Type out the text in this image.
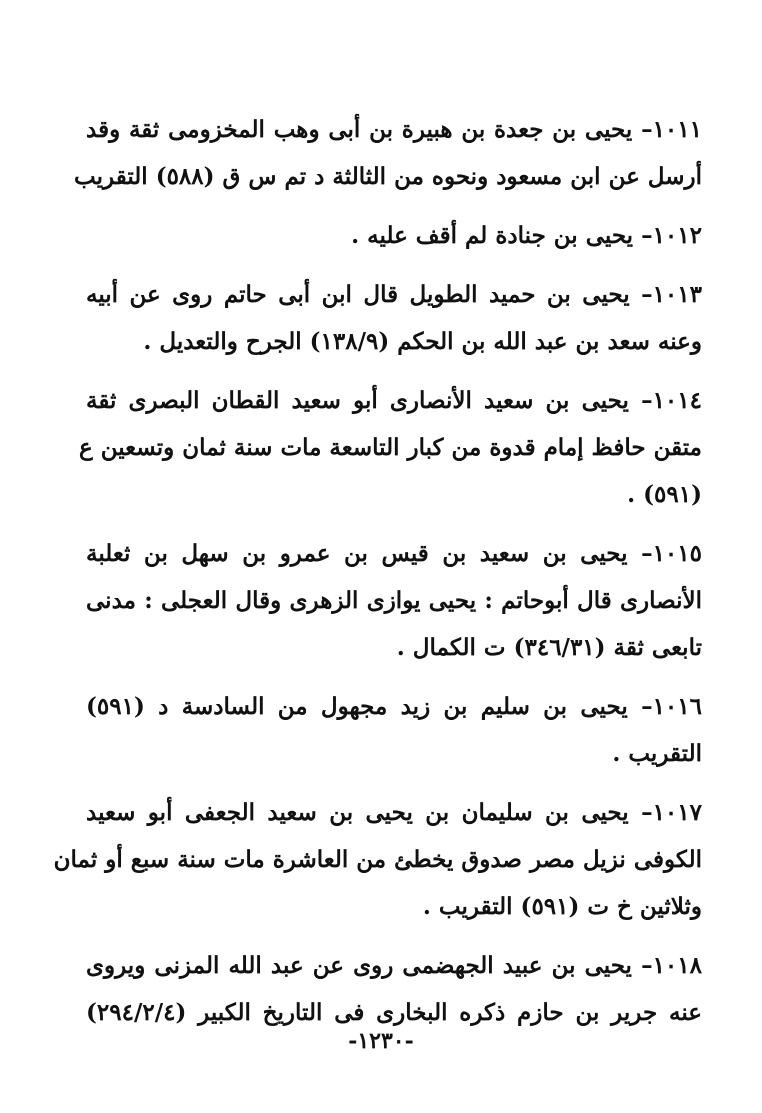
١٠١١– يحيى بن جعدة بن هبيرة بن أبى وهب المخزومى ثقة وقد
أرسل عن ابن مسعود ونحوه من الثالثة د تم س ق (٥٨٨) التقريب
١٠١٢– يحيى بن جنادة لم أقف عليه .
١٠١٣– يحيى بن حميد الطويل قال ابن أبى حاتم روى عن أبيه
وعنه سعد بن عبد الله بن الحكم (١٣٨/٩) الجرح والتعديل .
١٠١٤– يحيى بن سعيد الأنصارى أبو سعيد القطان البصرى ثقة
متقن حافظ إمام قدوة من كبار التاسعة مات سنة ثمان وتسعين ع
(٥٩١) .
١٠١٥– يحيى بن سعيد بن قيس بن عمرو بن سهل بن ثعلبة
الأنصارى قال أبوحاتم : يحيى يوازى الزهرى وقال العجلى : مدنى
تابعى ثقة (٣٤٦/٣١) ت الكمال .
١٠١٦– يحيى بن سليم بن زيد مجهول من السادسة د (٥٩١)
التقريب .
١٠١٧– يحيى بن سليمان بن يحيى بن سعيد الجعفى أبو سعيد
الكوفى نزيل مصر صدوق يخطئ من العاشرة مات سنة سبع أو ثمان
وثلاثين خ ت (٥٩١) التقريب .
١٠١٨– يحيى بن عبيد الجهضمى روى عن عبد الله المزنى ويروى
عنه جرير بن حازم ذكره البخارى فى التاريخ الكبير (٢٩٤/٢/٤)
-١٢٣٠-
